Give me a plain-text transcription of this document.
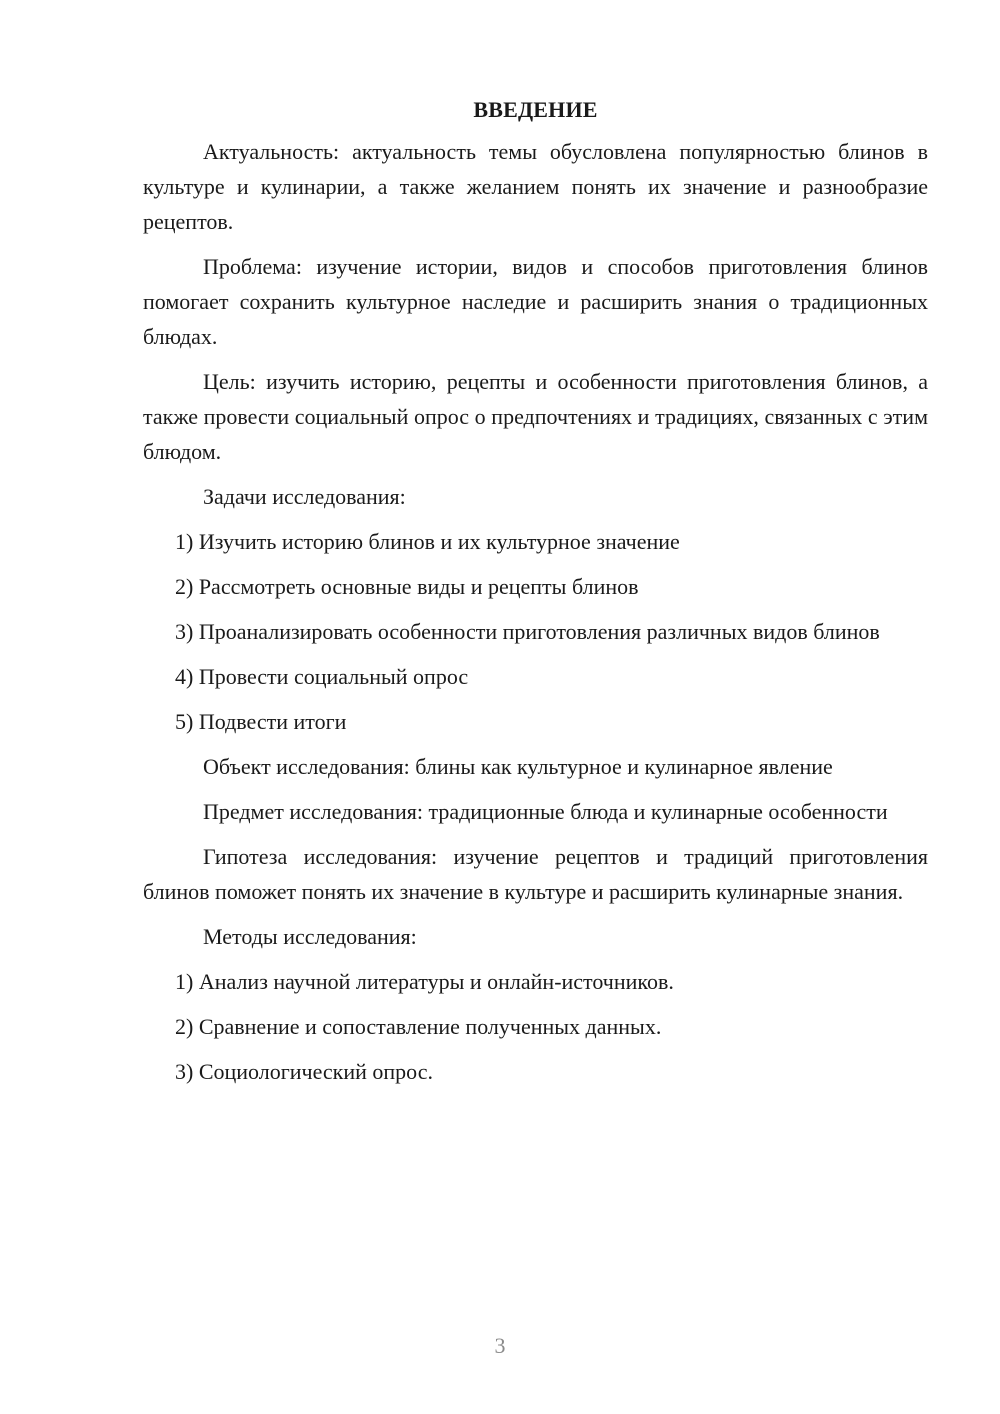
ВВЕДЕНИЕ

Актуальность: актуальность темы обусловлена популярностью блинов в культуре и кулинарии, а также желанием понять их значение и разнообразие рецептов.

Проблема: изучение истории, видов и способов приготовления блинов помогает сохранить культурное наследие и расширить знания о традиционных блюдах.

Цель: изучить историю, рецепты и особенности приготовления блинов, а также провести социальный опрос о предпочтениях и традициях, связанных с этим блюдом.

Задачи исследования:

1) Изучить историю блинов и их культурное значение

2) Рассмотреть основные виды и рецепты блинов

3) Проанализировать особенности приготовления различных видов блинов

4) Провести социальный опрос

5) Подвести итоги

Объект исследования: блины как культурное и кулинарное явление

Предмет исследования: традиционные блюда и кулинарные особенности

Гипотеза исследования: изучение рецептов и традиций приготовления блинов поможет понять их значение в культуре и расширить кулинарные знания.

Методы исследования:

1) Анализ научной литературы и онлайн-источников.

2) Сравнение и сопоставление полученных данных.

3) Социологический опрос.

3
